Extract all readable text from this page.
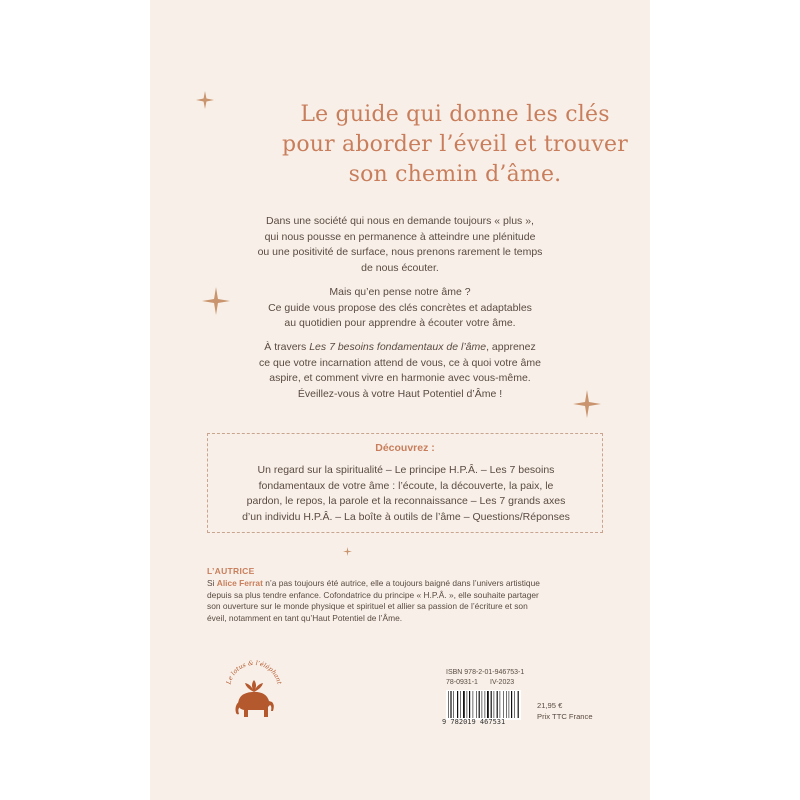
Le guide qui donne les clés
pour aborder l’éveil et trouver
son chemin d’âme.
Dans une société qui nous en demande toujours « plus »,
qui nous pousse en permanence à atteindre une plénitude
ou une positivité de surface, nous prenons rarement le temps
de nous écouter.
Mais qu’en pense notre âme ?
Ce guide vous propose des clés concrètes et adaptables
au quotidien pour apprendre à écouter votre âme.
À travers Les 7 besoins fondamentaux de l’âme, apprenez
ce que votre incarnation attend de vous, ce à quoi votre âme
aspire, et comment vivre en harmonie avec vous-même.
Éveillez-vous à votre Haut Potentiel d’Âme !
Découvrez :
Un regard sur la spiritualité – Le principe H.P.Â. – Les 7 besoins
fondamentaux de votre âme : l’écoute, la découverte, la paix, le
pardon, le repos, la parole et la reconnaissance – Les 7 grands axes
d’un individu H.P.Â. – La boîte à outils de l’âme – Questions/Réponses
L’AUTRICE
Si Alice Ferrat n’a pas toujours été autrice, elle a toujours baigné dans l’univers artistique
depuis sa plus tendre enfance. Cofondatrice du principe « H.P.Â. », elle souhaite partager
son ouverture sur le monde physique et spirituel et allier sa passion de l’écriture et son
éveil, notamment en tant qu’Haut Potentiel de l’Âme.
Le lotus & l’éléphant
ISBN 978-2-01-946753-1
78-0931-1 IV-2023
9 782019 467531
21,95 €
Prix TTC France
